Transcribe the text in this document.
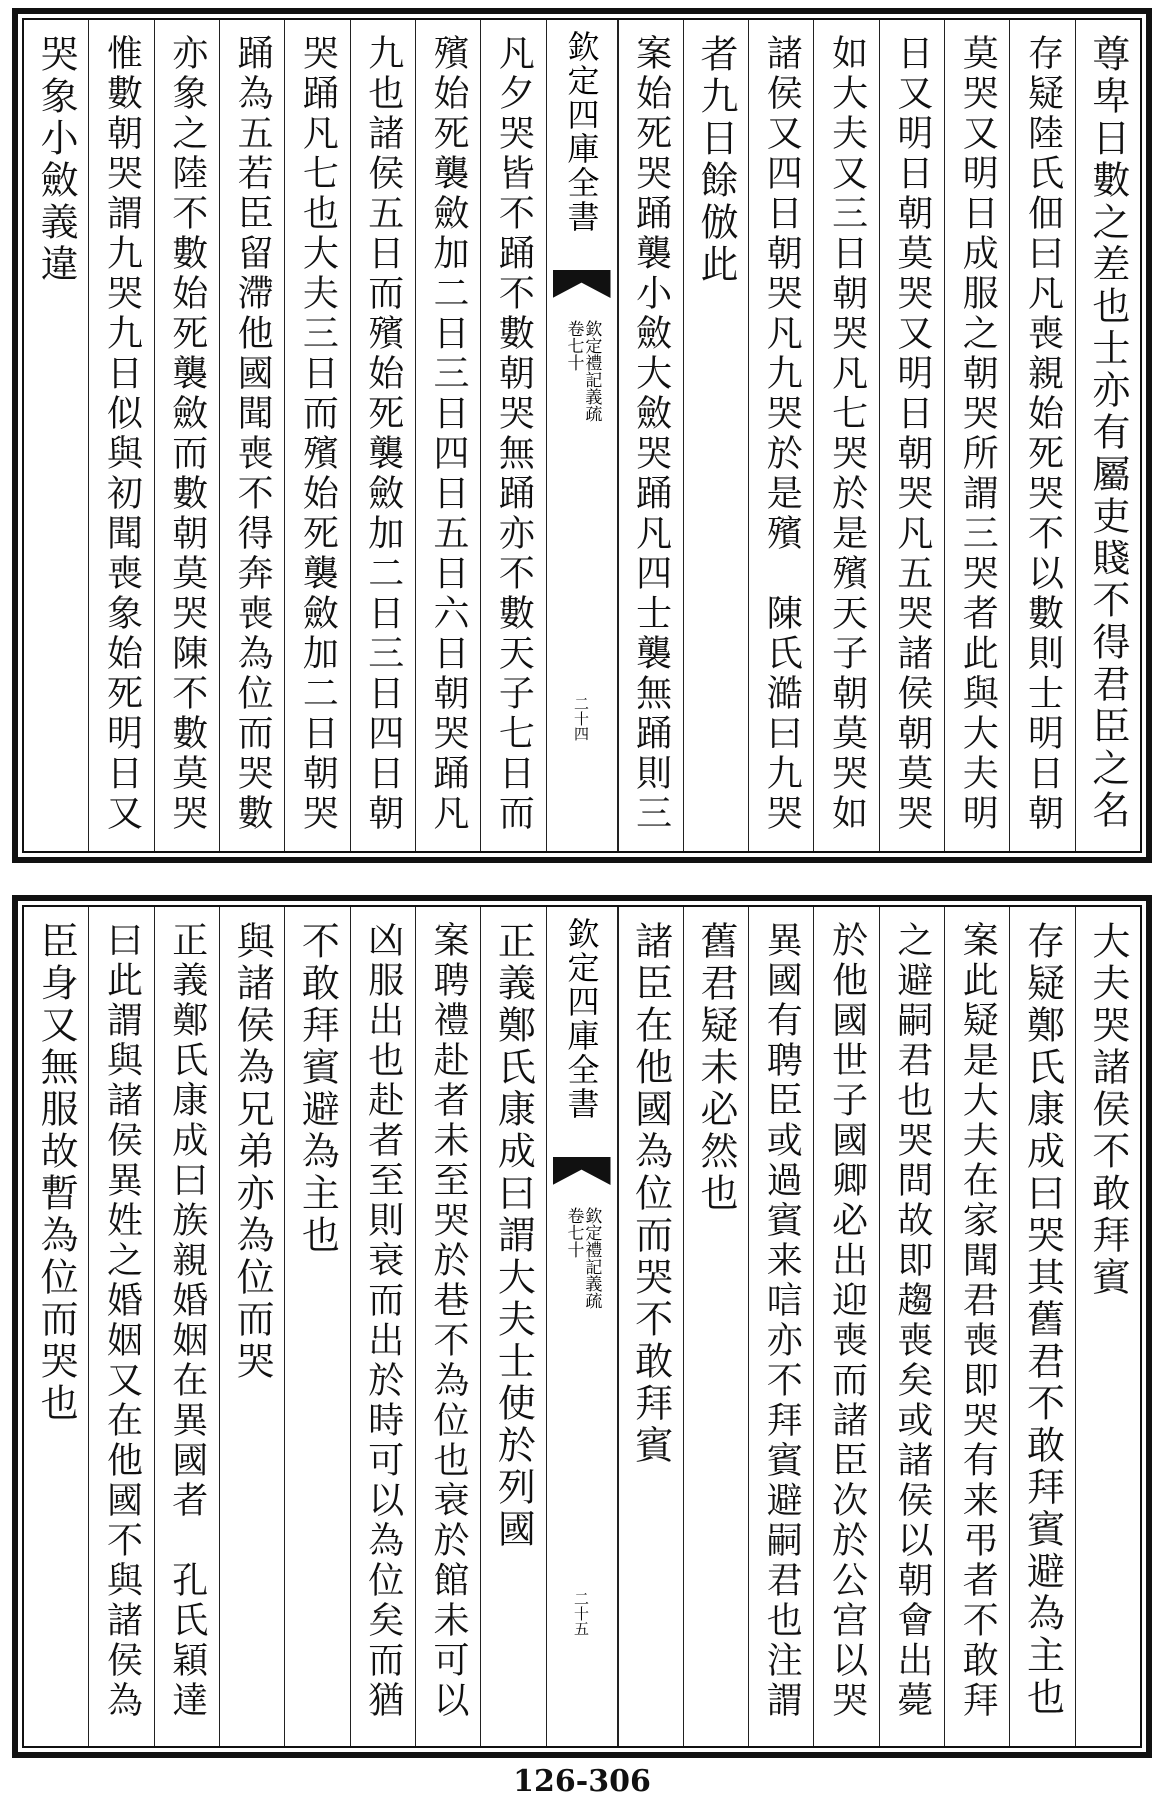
尊卑日數之差也士亦有屬吏賤不得君臣之名
存疑陸氏佃曰凡喪親始死哭不以數則士明日朝
莫哭又明日成服之朝哭所謂三哭者此與大夫明
日又明日朝莫哭又明日朝哭凡五哭諸侯朝莫哭
如大夫又三日朝哭凡七哭於是殯天子朝莫哭如
諸侯又四日朝哭凡九哭於是殯　陳氏澔曰九哭
者九日餘倣此
案始死哭踊襲小斂大斂哭踊凡四士襲無踊則三
欽定四庫全書
欽定禮記義疏
卷七十
二十四
凡夕哭皆不踊不數朝哭無踊亦不數天子七日而
殯始死襲斂加二日三日四日五日六日朝哭踊凡
九也諸侯五日而殯始死襲斂加二日三日四日朝
哭踊凡七也大夫三日而殯始死襲斂加二日朝哭
踊為五若臣留滯他國聞喪不得奔喪為位而哭數
亦象之陸不數始死襲斂而數朝莫哭陳不數莫哭
惟數朝哭謂九哭九日似與初聞喪象始死明日又
哭象小斂義違
大夫哭諸侯不敢拜賓
存疑鄭氏康成曰哭其舊君不敢拜賓避為主也
案此疑是大夫在家聞君喪即哭有来弔者不敢拜
之避嗣君也哭問故即趨喪矣或諸侯以朝會出薨
於他國世子國卿必出迎喪而諸臣次於公宫以哭
異國有聘臣或過賓来唁亦不拜賓避嗣君也注謂
舊君疑未必然也
諸臣在他國為位而哭不敢拜賓
欽定四庫全書
欽定禮記義疏
卷七十
二十五
正義鄭氏康成曰謂大夫士使於列國
案聘禮赴者未至哭於巷不為位也衰於館未可以
凶服出也赴者至則衰而出於時可以為位矣而猶
不敢拜賓避為主也
與諸侯為兄弟亦為位而哭
正義鄭氏康成曰族親婚姻在異國者　孔氏穎達
曰此謂與諸侯異姓之婚姻又在他國不與諸侯為
臣身又無服故暫為位而哭也
126-306
